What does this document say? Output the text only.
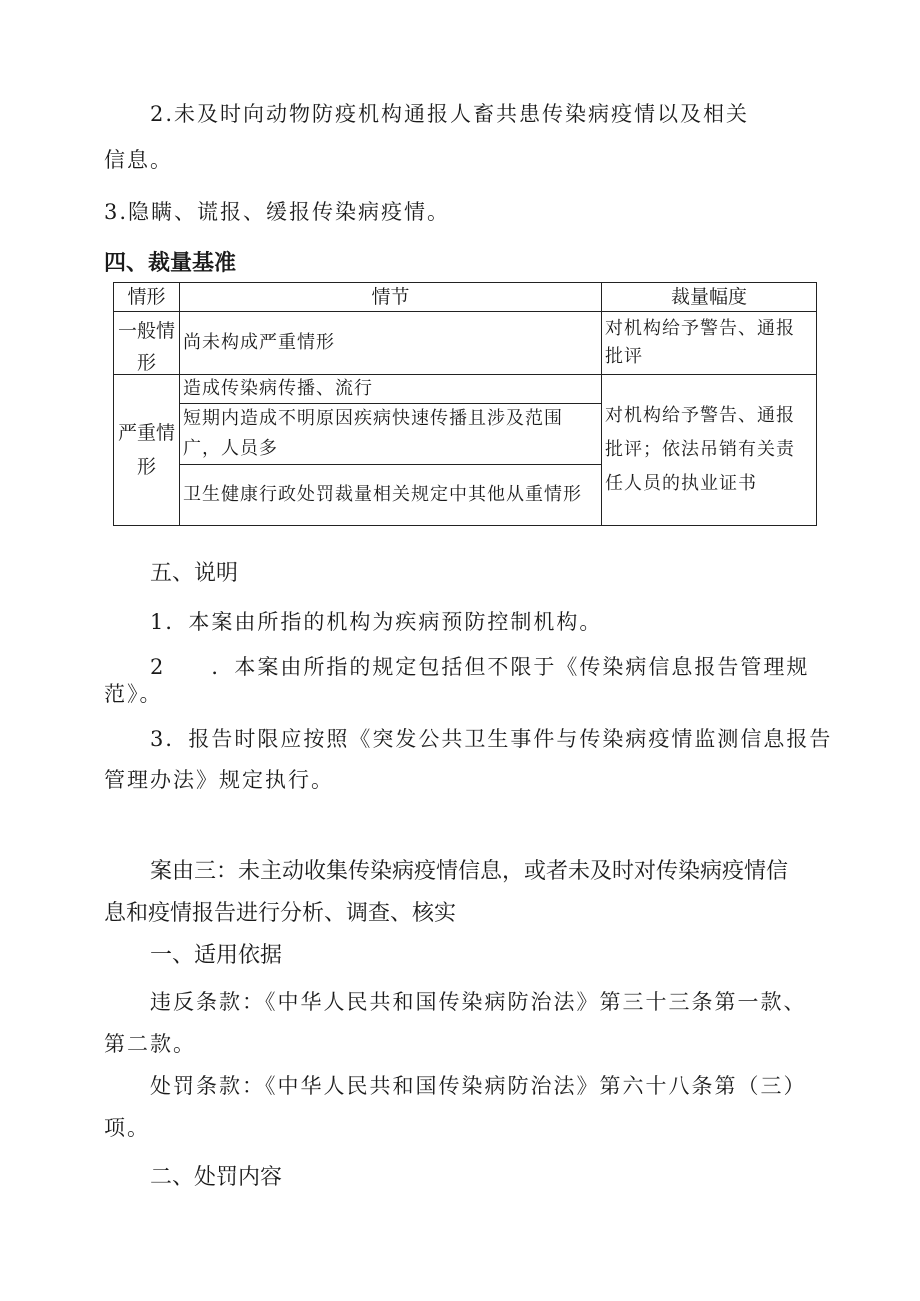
2.未及时向动物防疫机构通报人畜共患传染病疫情以及相关
信息。
3.隐瞒、谎报、缓报传染病疫情。
四、裁量基准
情形	情节	裁量幅度

一般情形	尚未构成严重情形	对机构给予警告、通报批评
严重情形	造成传染病传播、流行	对机构给予警告、通报批评；依法吊销有关责任人员的执业证书
	短期内造成不明原因疾病快速传播且涉及范围广，人员多	
	卫生健康行政处罚裁量相关规定中其他从重情形	
五、说明
1．本案由所指的机构为疾病预防控制机构。
2　　．本案由所指的规定包括但不限于《传染病信息报告管理规
范》。
3．报告时限应按照《突发公共卫生事件与传染病疫情监测信息报告
管理办法》规定执行。
案由三：未主动收集传染病疫情信息，或者未及时对传染病疫情信
息和疫情报告进行分析、调查、核实
一、适用依据
违反条款：《中华人民共和国传染病防治法》第三十三条第一款、
第二款。
处罚条款：《中华人民共和国传染病防治法》第六十八条第（三）
项。
二、处罚内容
